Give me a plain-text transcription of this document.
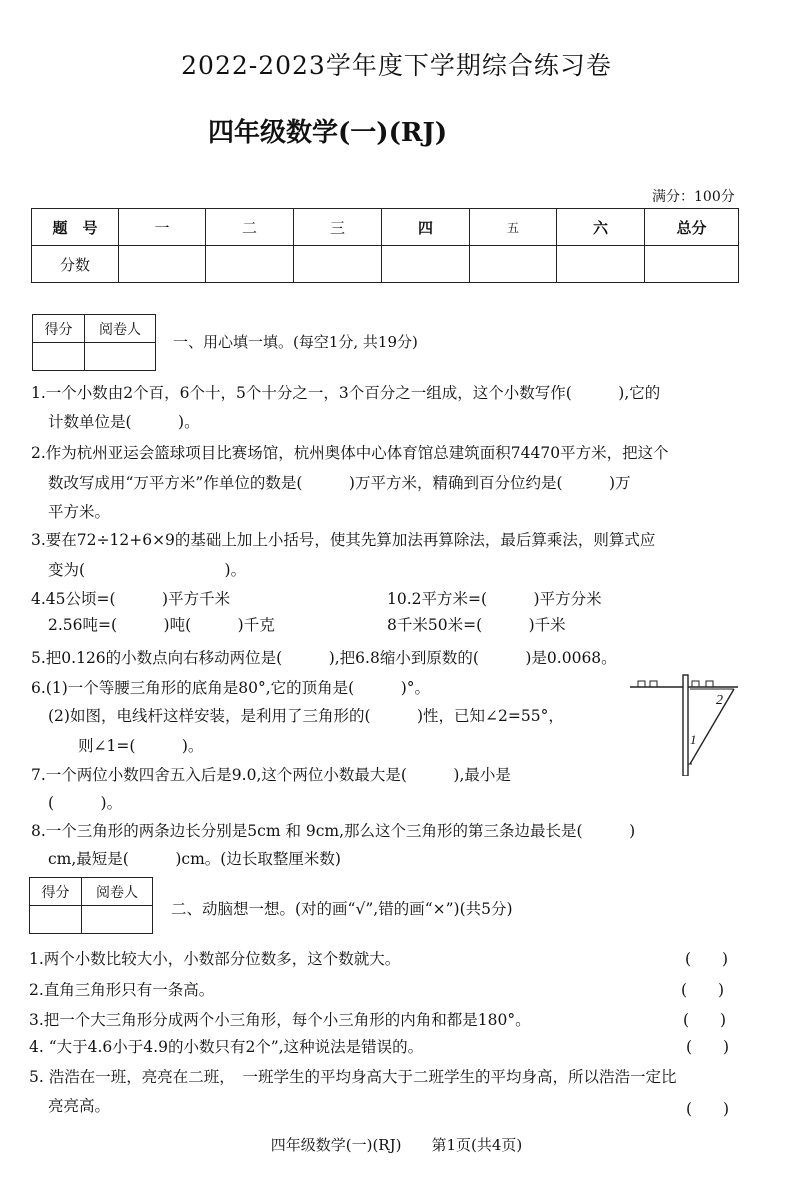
2022-2023学年度下学期综合练习卷
四年级数学(一)(RJ)
满分：100分
题　号	一	二	三	四	五	六	总分
分数							
得分	阅卷人

一、用心填一填。(每空1分, 共19分)
1.一个小数由2个百，6个十，5个十分之一，3个百分之一组成，这个小数写作(　　　),它的
计数单位是(　　　)。
2.作为杭州亚运会篮球项目比赛场馆，杭州奥体中心体育馆总建筑面积74470平方米，把这个
数改写成用“万平方米”作单位的数是(　　　)万平方米，精确到百分位约是(　　　)万
平方米。
3.要在72÷12+6×9的基础上加上小括号，使其先算加法再算除法，最后算乘法，则算式应
变为(　　　　　　　　　)。
4.45公顷=(　　　)平方千米	10.2平方米=(　　　)平方分米
2.56吨=(　　　)吨(　　　)千克	8千米50米=(　　　)千米
5.把0.126的小数点向右移动两位是(　　　),把6.8缩小到原数的(　　　)是0.0068。
6.(1)一个等腰三角形的底角是80°,它的顶角是(　　　)°。
(2)如图，电线杆这样安装，是利用了三角形的(　　　)性，已知∠2=55°，
则∠1=(　　　)。
7.一个两位小数四舍五入后是9.0,这个两位小数最大是(　　　),最小是
(　　　)。
8.一个三角形的两条边长分别是5cm 和 9cm,那么这个三角形的第三条边最长是(　　　)
cm,最短是(　　　)cm。(边长取整厘米数)
2
1
得分	阅卷人

二、动脑想一想。(对的画“√”,错的画“×”)(共5分)
1.两个小数比较大小，小数部分位数多，这个数就大。	(　　)
2.直角三角形只有一条高。	(　　)
3.把一个大三角形分成两个小三角形，每个小三角形的内角和都是180°。	(　　)
4. “大于4.6小于4.9的小数只有2个”,这种说法是错误的。	(　　)
5. 浩浩在一班，亮亮在二班，　一班学生的平均身高大于二班学生的平均身高，所以浩浩一定比
亮亮高。	(　　)
四年级数学(一)(RJ)　　第1页(共4页)
